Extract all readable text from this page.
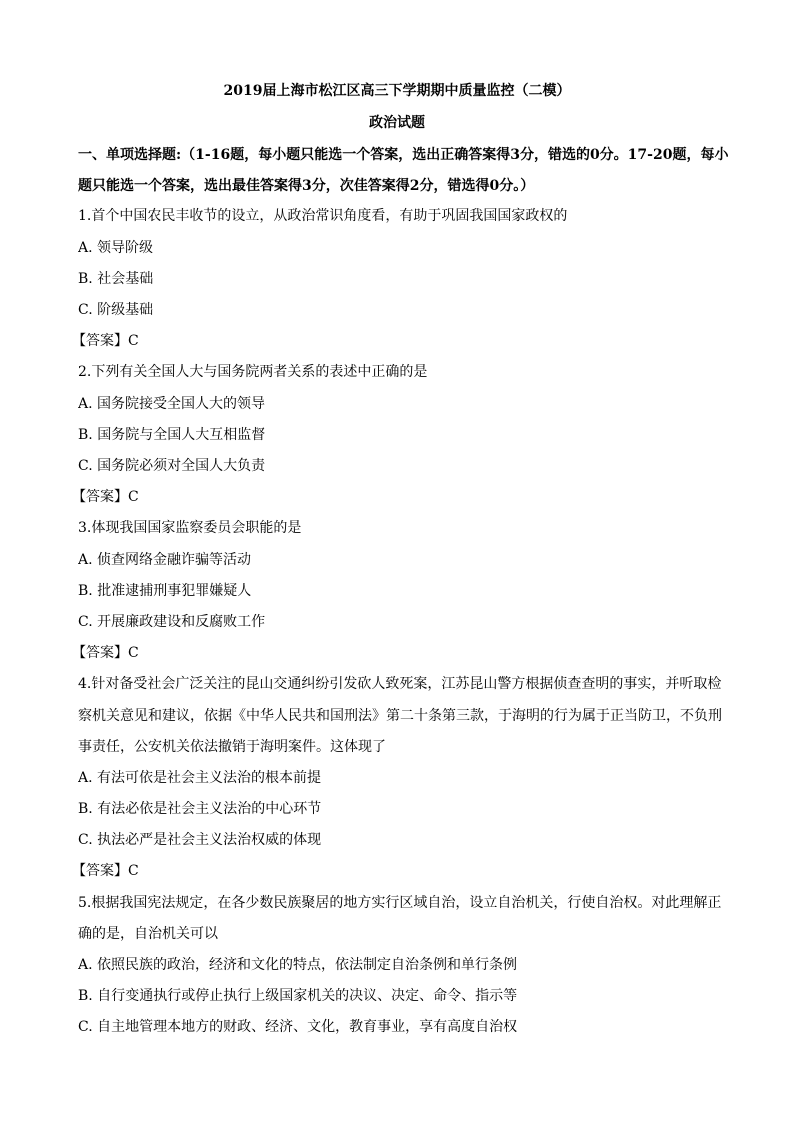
2019届上海市松江区高三下学期期中质量监控（二模）
政治试题
一、单项选择题:（1-16题，每小题只能选一个答案，选出正确答案得3分，错选的0分。17-20题，每小
题只能选一个答案，选出最佳答案得3分，次佳答案得2分，错选得0分。）
1.首个中国农民丰收节的设立，从政治常识角度看，有助于巩固我国国家政权的
A. 领导阶级
B. 社会基础
C. 阶级基础
【答案】C
2.下列有关全国人大与国务院两者关系的表述中正确的是
A. 国务院接受全国人大的领导
B. 国务院与全国人大互相监督
C. 国务院必须对全国人大负责
【答案】C
3.体现我国国家监察委员会职能的是
A. 侦查网络金融诈骗等活动
B. 批准逮捕刑事犯罪嫌疑人
C. 开展廉政建设和反腐败工作
【答案】C
4.针对备受社会广泛关注的昆山交通纠纷引发砍人致死案，江苏昆山警方根据侦查查明的事实，并听取检
察机关意见和建议，依据《中华人民共和国刑法》第二十条第三款，于海明的行为属于正当防卫，不负刑
事责任，公安机关依法撤销于海明案件。这体现了
A. 有法可依是社会主义法治的根本前提
B. 有法必依是社会主义法治的中心环节
C. 执法必严是社会主义法治权威的体现
【答案】C
5.根据我国宪法规定，在各少数民族聚居的地方实行区域自治，设立自治机关，行使自治权。对此理解正
确的是，自治机关可以
A. 依照民族的政治，经济和文化的特点，依法制定自治条例和单行条例
B. 自行变通执行或停止执行上级国家机关的决议、决定、命令、指示等
C. 自主地管理本地方的财政、经济、文化，教育事业，享有高度自治权
